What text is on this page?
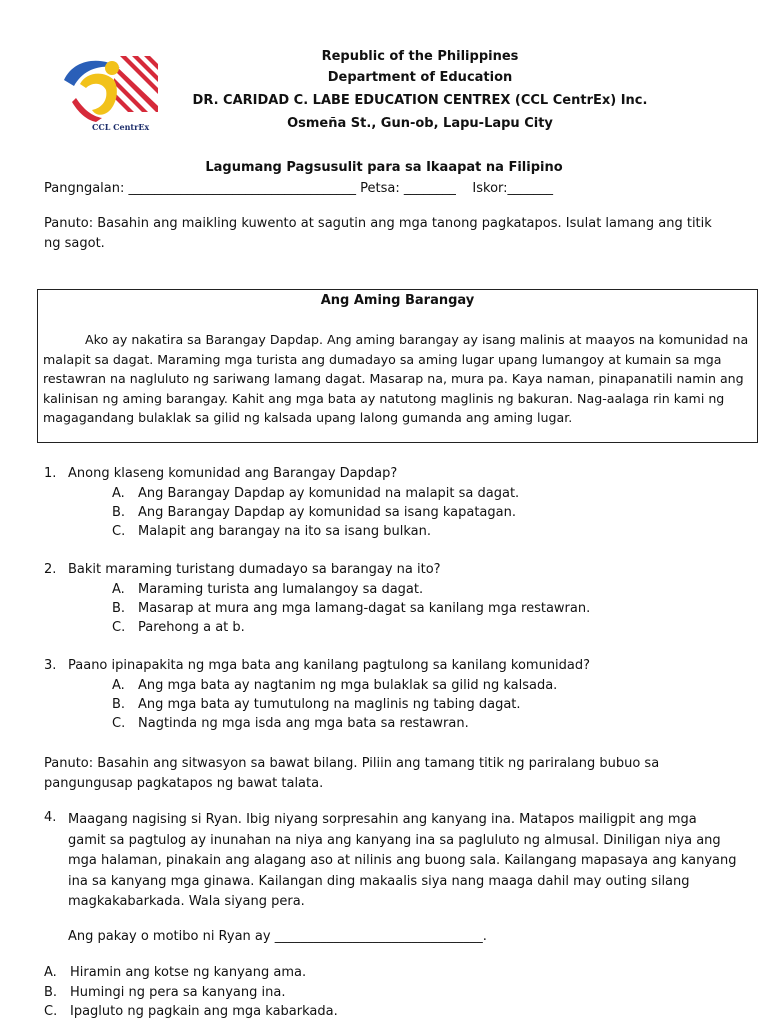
CCL CentrEx
Republic of the Philippines
Department of Education
DR. CARIDAD C. LABE EDUCATION CENTREX (CCL CentrEx) Inc.
Osmeña St., Gun-ob, Lapu-Lapu City
Lagumang Pagsusulit para sa Ikaapat na Filipino
Pangngalan: ___________________________________ Petsa: ________ Iskor:_______
Panuto: Basahin ang maikling kuwento at sagutin ang mga tanong pagkatapos. Isulat lamang ang titik ng sagot.
Ang Aming Barangay
Ako ay nakatira sa Barangay Dapdap. Ang aming barangay ay isang malinis at maayos na komunidad na malapit sa dagat. Maraming mga turista ang dumadayo sa aming lugar upang lumangoy at kumain sa mga restawran na nagluluto ng sariwang lamang dagat. Masarap na, mura pa. Kaya naman, pinapanatili namin ang kalinisan ng aming barangay. Kahit ang mga bata ay natutong maglinis ng bakuran. Nag-aalaga rin kami ng magagandang bulaklak sa gilid ng kalsada upang lalong gumanda ang aming lugar.
1. Anong klaseng komunidad ang Barangay Dapdap?
A. Ang Barangay Dapdap ay komunidad na malapit sa dagat.
B. Ang Barangay Dapdap ay komunidad sa isang kapatagan.
C. Malapit ang barangay na ito sa isang bulkan.
2. Bakit maraming turistang dumadayo sa barangay na ito?
A. Maraming turista ang lumalangoy sa dagat.
B. Masarap at mura ang mga lamang-dagat sa kanilang mga restawran.
C. Parehong a at b.
3. Paano ipinapakita ng mga bata ang kanilang pagtulong sa kanilang komunidad?
A. Ang mga bata ay nagtanim ng mga bulaklak sa gilid ng kalsada.
B. Ang mga bata ay tumutulong na maglinis ng tabing dagat.
C. Nagtinda ng mga isda ang mga bata sa restawran.
Panuto: Basahin ang sitwasyon sa bawat bilang. Piliin ang tamang titik ng pariralang bubuo sa pangungusap pagkatapos ng bawat talata.
4. Maagang nagising si Ryan. Ibig niyang sorpresahin ang kanyang ina. Matapos mailigpit ang mga gamit sa pagtulog ay inunahan na niya ang kanyang ina sa pagluluto ng almusal. Diniligan niya ang mga halaman, pinakain ang alagang aso at nilinis ang buong sala. Kailangang mapasaya ang kanyang ina sa kanyang mga ginawa. Kailangan ding makaalis siya nang maaga dahil may outing silang magkakabarkada. Wala siyang pera.
Ang pakay o motibo ni Ryan ay ________________________________.
A. Hiramin ang kotse ng kanyang ama.
B. Humingi ng pera sa kanyang ina.
C. Ipagluto ng pagkain ang mga kabarkada.
